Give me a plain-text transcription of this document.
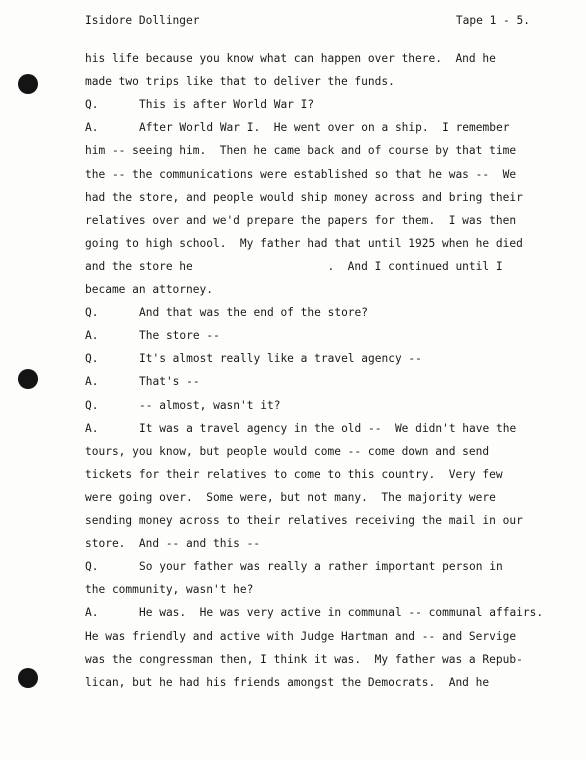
Isidore Dollinger	Tape 1 - 5.
his life because you know what can happen over there.  And he
made two trips like that to deliver the funds.
Q.	This is after World War I?
A.	After World War I.  He went over on a ship.  I remember
him -- seeing him.  Then he came back and of course by that time
the -- the communications were established so that he was --  We
had the store, and people would ship money across and bring their
relatives over and we'd prepare the papers for them.  I was then
going to high school.  My father had that until 1925 when he died
and the store he                    .  And I continued until I
became an attorney.
Q.	And that was the end of the store?
A.	The store --
Q.	It's almost really like a travel agency --
A.	That's --
Q.	-- almost, wasn't it?
A.	It was a travel agency in the old --  We didn't have the
tours, you know, but people would come -- come down and send
tickets for their relatives to come to this country.  Very few
were going over.  Some were, but not many.  The majority were
sending money across to their relatives receiving the mail in our
store.  And -- and this --
Q.	So your father was really a rather important person in
the community, wasn't he?
A.	He was.  He was very active in communal -- communal affairs.
He was friendly and active with Judge Hartman and -- and Servige
was the congressman then, I think it was.  My father was a Repub-
lican, but he had his friends amongst the Democrats.  And he
